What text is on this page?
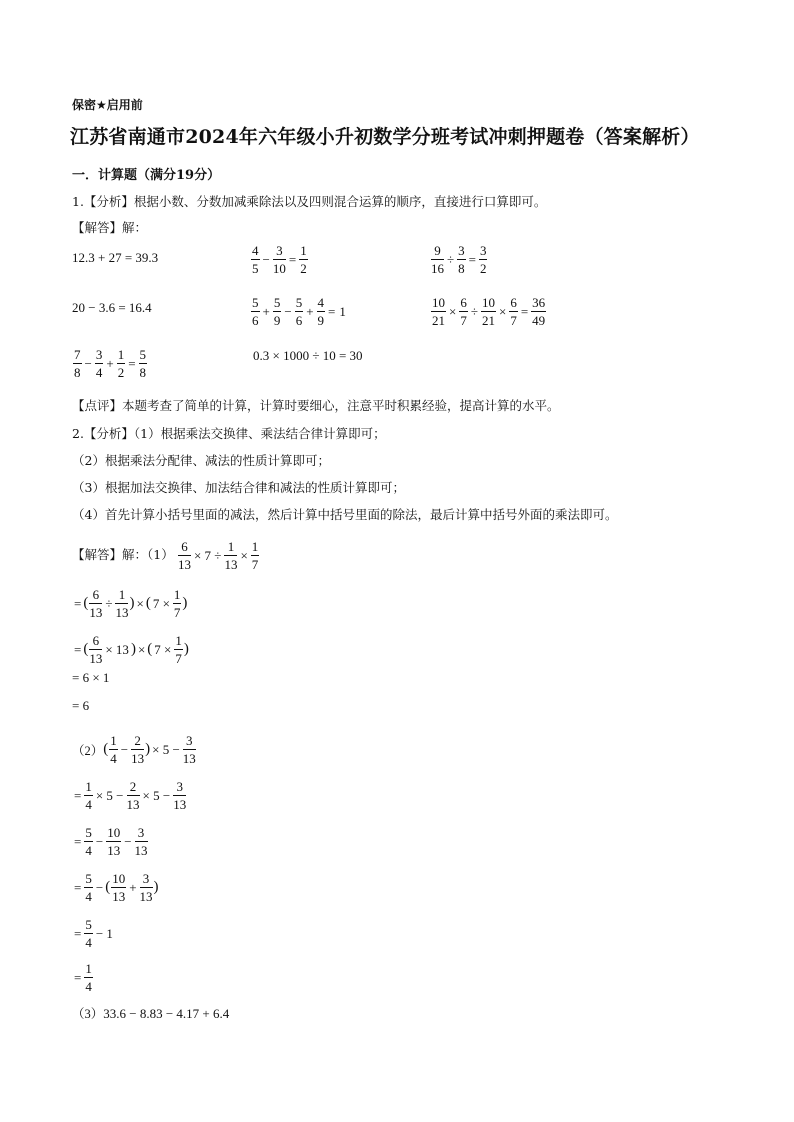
保密★启用前
江苏省南通市2024年六年级小升初数学分班考试冲刺押题卷（答案解析）
一．计算题（满分19分）
1.【分析】根据小数、分数加减乘除法以及四则混合运算的顺序，直接进行口算即可。
【解答】解：
12.3 + 27 = 39.3	$\frac{4}{5} - \frac{3}{10} = \frac{1}{2}$	$\frac{9}{16} \div \frac{3}{8} = \frac{3}{2}$
20 − 3.6 = 16.4	$\frac{5}{6} + \frac{5}{9} - \frac{5}{6} + \frac{4}{9} = 1$	$\frac{10}{21} \times \frac{6}{7} \div \frac{10}{21} \times \frac{6}{7} = \frac{36}{49}$
$\frac{7}{8} - \frac{3}{4} + \frac{1}{2} = \frac{5}{8}$	0.3 × 1000 ÷ 10 = 30
【点评】本题考查了简单的计算，计算时要细心，注意平时积累经验，提高计算的水平。
2.【分析】（1）根据乘法交换律、乘法结合律计算即可；
（2）根据乘法分配律、减法的性质计算即可；
（3）根据加法交换律、加法结合律和减法的性质计算即可；
（4）首先计算小括号里面的减法，然后计算中括号里面的除法，最后计算中括号外面的乘法即可。
【解答】解：$(1) \frac{6}{13} \times 7 \div \frac{1}{13} \times \frac{1}{7}$
= ( $\frac{6}{13} \div \frac{1}{13}$ ) × ( $7 \times \frac{1}{7}$ )
= ( $\frac{6}{13} \times 13$ ) × ( $7 \times \frac{1}{7}$ )
= 6 × 1
= 6
$(2)( \frac{1}{4} - \frac{2}{13}$ ) × $5 - \frac{3}{13}$
= $\frac{1}{4} \times 5 - \frac{2}{13} \times 5 - \frac{3}{13}$
= $\frac{5}{4} - \frac{10}{13} - \frac{3}{13}$
= $\frac{5}{4}$ − ( $\frac{10}{13} + \frac{3}{13}$ )
= $\frac{5}{4} - 1$
= $\frac{1}{4}$
（3）33.6 − 8.83 − 4.17 + 6.4
